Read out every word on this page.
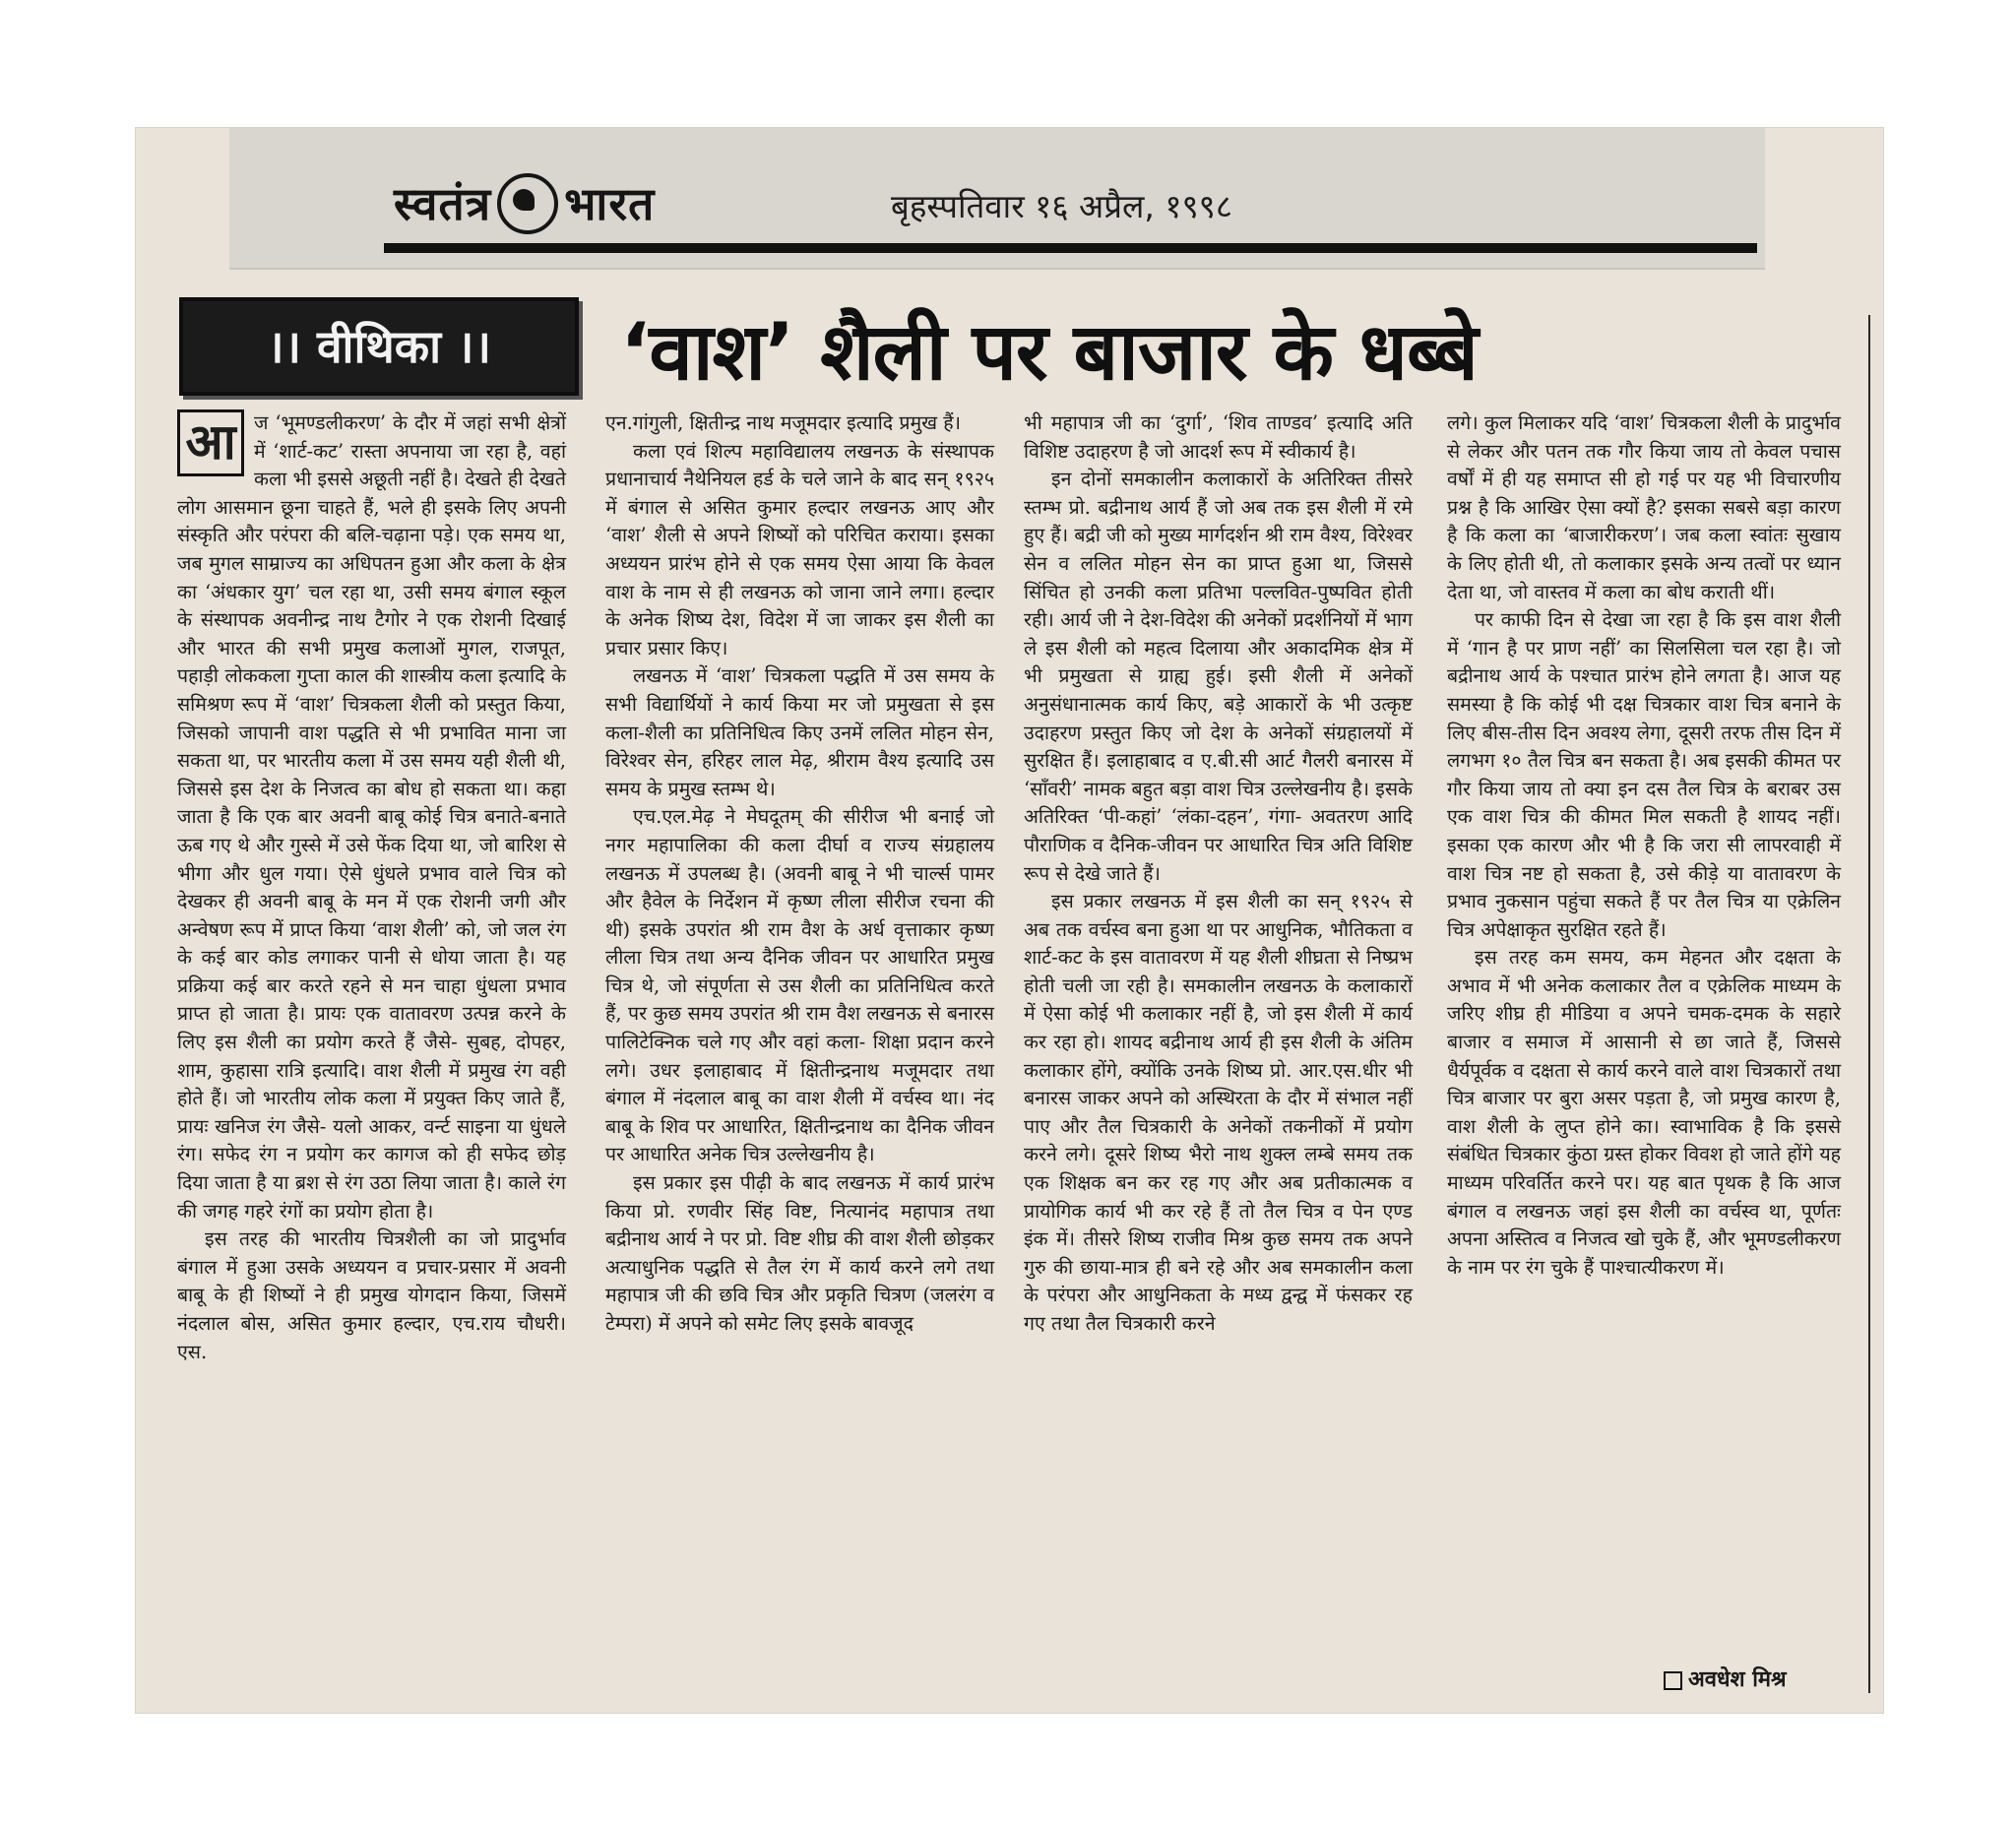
स्वतंत्र भारत	बृहस्पतिवार १६ अप्रैल, १९९८
।। वीथिका ।।	‘वाश’ शैली पर बाजार के धब्बे
आ ज ‘भूमण्डलीकरण’ के दौर में जहां सभी क्षेत्रों में ‘शार्ट-कट’ रास्ता अपनाया जा रहा है, वहां कला भी इससे अछूती नहीं है। देखते ही देखते लोग आसमान छूना चाहते हैं, भले ही इसके लिए अपनी संस्कृति और परंपरा की बलि-चढ़ाना पड़े। एक समय था, जब मुगल साम्राज्य का अधिपतन हुआ और कला के क्षेत्र का ‘अंधकार युग’ चल रहा था, उसी समय बंगाल स्कूल के संस्थापक अवनीन्द्र नाथ टैगोर ने एक रोशनी दिखाई और भारत की सभी प्रमुख कलाओं मुगल, राजपूत, पहाड़ी लोककला गुप्ता काल की शास्त्रीय कला इत्यादि के समिश्रण रूप में ‘वाश’ चित्रकला शैली को प्रस्तुत किया, जिसको जापानी वाश पद्धति से भी प्रभावित माना जा सकता था, पर भारतीय कला में उस समय यही शैली थी, जिससे इस देश के निजत्व का बोध हो सकता था। कहा जाता है कि एक बार अवनी बाबू कोई चित्र बनाते-बनाते ऊब गए थे और गुस्से में उसे फेंक दिया था, जो बारिश से भीगा और धुल गया। ऐसे धुंधले प्रभाव वाले चित्र को देखकर ही अवनी बाबू के मन में एक रोशनी जगी और अन्वेषण रूप में प्राप्त किया ‘वाश शैली’ को, जो जल रंग के कई बार कोड लगाकर पानी से धोया जाता है। यह प्रक्रिया कई बार करते रहने से मन चाहा धुंधला प्रभाव प्राप्त हो जाता है। प्रायः एक वातावरण उत्पन्न करने के लिए इस शैली का प्रयोग करते हैं जैसे- सुबह, दोपहर, शाम, कुहासा रात्रि इत्यादि। वाश शैली में प्रमुख रंग वही होते हैं। जो भारतीय लोक कला में प्रयुक्त किए जाते हैं, प्रायः खनिज रंग जैसे- यलो आकर, वर्न्ट साइना या धुंधले रंग। सफेद रंग न प्रयोग कर कागज को ही सफेद छोड़ दिया जाता है या ब्रश से रंग उठा लिया जाता है। काले रंग की जगह गहरे रंगों का प्रयोग होता है।

इस तरह की भारतीय चित्रशैली का जो प्रादुर्भाव बंगाल में हुआ उसके अध्ययन व प्रचार-प्रसार में अवनी बाबू के ही शिष्यों ने ही प्रमुख योगदान किया, जिसमें नंदलाल बोस, असित कुमार हल्दार, एच.राय चौधरी। एस.

एन.गांगुली, क्षितीन्द्र नाथ मजूमदार इत्यादि प्रमुख हैं।

कला एवं शिल्प महाविद्यालय लखनऊ के संस्थापक प्रधानाचार्य नैथेनियल हर्ड के चले जाने के बाद सन् १९२५ में बंगाल से असित कुमार हल्दार लखनऊ आए और ‘वाश’ शैली से अपने शिष्यों को परिचित कराया। इसका अध्ययन प्रारंभ होने से एक समय ऐसा आया कि केवल वाश के नाम से ही लखनऊ को जाना जाने लगा। हल्दार के अनेक शिष्य देश, विदेश में जा जाकर इस शैली का प्रचार प्रसार किए।

लखनऊ में ‘वाश’ चित्रकला पद्धति में उस समय के सभी विद्यार्थियों ने कार्य किया मर जो प्रमुखता से इस कला-शैली का प्रतिनिधित्व किए उनमें ललित मोहन सेन, विरेश्वर सेन, हरिहर लाल मेढ़, श्रीराम वैश्य इत्यादि उस समय के प्रमुख स्तम्भ थे।

एच.एल.मेढ़ ने मेघदूतम् की सीरीज भी बनाई जो नगर महापालिका की कला दीर्घा व राज्य संग्रहालय लखनऊ में उपलब्ध है। (अवनी बाबू ने भी चार्ल्स पामर और हैवेल के निर्देशन में कृष्ण लीला सीरीज रचना की थी) इसके उपरांत श्री राम वैश के अर्ध वृत्ताकार कृष्ण लीला चित्र तथा अन्य दैनिक जीवन पर आधारित प्रमुख चित्र थे, जो संपूर्णता से उस शैली का प्रतिनिधित्व करते हैं, पर कुछ समय उपरांत श्री राम वैश लखनऊ से बनारस पालिटेक्निक चले गए और वहां कला- शिक्षा प्रदान करने लगे। उधर इलाहाबाद में क्षितीन्द्रनाथ मजूमदार तथा बंगाल में नंदलाल बाबू का वाश शैली में वर्चस्व था। नंद बाबू के शिव पर आधारित, क्षितीन्द्रनाथ का दैनिक जीवन पर आधारित अनेक चित्र उल्लेखनीय है।

इस प्रकार इस पीढ़ी के बाद लखनऊ में कार्य प्रारंभ किया प्रो. रणवीर सिंह विष्ट, नित्यानंद महापात्र तथा बद्रीनाथ आर्य ने पर प्रो. विष्ट शीघ्र की वाश शैली छोड़कर अत्याधुनिक पद्धति से तैल रंग में कार्य करने लगे तथा महापात्र जी की छवि चित्र और प्रकृति चित्रण (जलरंग व टेम्परा) में अपने को समेट लिए इसके बावजूद

भी महापात्र जी का ‘दुर्गा’, ‘शिव ताण्डव’ इत्यादि अति विशिष्ट उदाहरण है जो आदर्श रूप में स्वीकार्य है।

इन दोनों समकालीन कलाकारों के अतिरिक्त तीसरे स्तम्भ प्रो. बद्रीनाथ आर्य हैं जो अब तक इस शैली में रमे हुए हैं। बद्री जी को मुख्य मार्गदर्शन श्री राम वैश्य, विरेश्वर सेन व ललित मोहन सेन का प्राप्त हुआ था, जिससे सिंचित हो उनकी कला प्रतिभा पल्लवित-पुष्पवित होती रही। आर्य जी ने देश-विदेश की अनेकों प्रदर्शनियों में भाग ले इस शैली को महत्व दिलाया और अकादमिक क्षेत्र में भी प्रमुखता से ग्राह्य हुई। इसी शैली में अनेकों अनुसंधानात्मक कार्य किए, बड़े आकारों के भी उत्कृष्ट उदाहरण प्रस्तुत किए जो देश के अनेकों संग्रहालयों में सुरक्षित हैं। इलाहाबाद व ए.बी.सी आर्ट गैलरी बनारस में ‘साँवरी’ नामक बहुत बड़ा वाश चित्र उल्लेखनीय है। इसके अतिरिक्त ‘पी-कहां’ ‘लंका-दहन’, गंगा- अवतरण आदि पौराणिक व दैनिक-जीवन पर आधारित चित्र अति विशिष्ट रूप से देखे जाते हैं।

इस प्रकार लखनऊ में इस शैली का सन् १९२५ से अब तक वर्चस्व बना हुआ था पर आधुनिक, भौतिकता व शार्ट-कट के इस वातावरण में यह शैली शीघ्रता से निष्प्रभ होती चली जा रही है। समकालीन लखनऊ के कलाकारों में ऐसा कोई भी कलाकार नहीं है, जो इस शैली में कार्य कर रहा हो। शायद बद्रीनाथ आर्य ही इस शैली के अंतिम कलाकार होंगे, क्योंकि उनके शिष्य प्रो. आर.एस.धीर भी बनारस जाकर अपने को अस्थिरता के दौर में संभाल नहीं पाए और तैल चित्रकारी के अनेकों तकनीकों में प्रयोग करने लगे। दूसरे शिष्य भैरो नाथ शुक्ल लम्बे समय तक एक शिक्षक बन कर रह गए और अब प्रतीकात्मक व प्रायोगिक कार्य भी कर रहे हैं तो तैल चित्र व पेन एण्ड इंक में। तीसरे शिष्य राजीव मिश्र कुछ समय तक अपने गुरु की छाया-मात्र ही बने रहे और अब समकालीन कला के परंपरा और आधुनिकता के मध्य द्वन्द्व में फंसकर रह गए तथा तैल चित्रकारी करने

लगे। कुल मिलाकर यदि ‘वाश’ चित्रकला शैली के प्रादुर्भाव से लेकर और पतन तक गौर किया जाय तो केवल पचास वर्षों में ही यह समाप्त सी हो गई पर यह भी विचारणीय प्रश्न है कि आखिर ऐसा क्यों है? इसका सबसे बड़ा कारण है कि कला का ‘बाजारीकरण’। जब कला स्वांतः सुखाय के लिए होती थी, तो कलाकार इसके अन्य तत्वों पर ध्यान देता था, जो वास्तव में कला का बोध कराती थीं।

पर काफी दिन से देखा जा रहा है कि इस वाश शैली में ‘गान है पर प्राण नहीं’ का सिलसिला चल रहा है। जो बद्रीनाथ आर्य के पश्चात प्रारंभ होने लगता है। आज यह समस्या है कि कोई भी दक्ष चित्रकार वाश चित्र बनाने के लिए बीस-तीस दिन अवश्य लेगा, दूसरी तरफ तीस दिन में लगभग १० तैल चित्र बन सकता है। अब इसकी कीमत पर गौर किया जाय तो क्या इन दस तैल चित्र के बराबर उस एक वाश चित्र की कीमत मिल सकती है शायद नहीं। इसका एक कारण और भी है कि जरा सी लापरवाही में वाश चित्र नष्ट हो सकता है, उसे कीड़े या वातावरण के प्रभाव नुकसान पहुंचा सकते हैं पर तैल चित्र या एक्रेलिन चित्र अपेक्षाकृत सुरक्षित रहते हैं।

इस तरह कम समय, कम मेहनत और दक्षता के अभाव में भी अनेक कलाकार तैल व एक्रेलिक माध्यम के जरिए शीघ्र ही मीडिया व अपने चमक-दमक के सहारे बाजार व समाज में आसानी से छा जाते हैं, जिससे धैर्यपूर्वक व दक्षता से कार्य करने वाले वाश चित्रकारों तथा चित्र बाजार पर बुरा असर पड़ता है, जो प्रमुख कारण है, वाश शैली के लुप्त होने का। स्वाभाविक है कि इससे संबंधित चित्रकार कुंठा ग्रस्त होकर विवश हो जाते होंगे यह माध्यम परिवर्तित करने पर। यह बात पृथक है कि आज बंगाल व लखनऊ जहां इस शैली का वर्चस्व था, पूर्णतः अपना अस्तित्व व निजत्व खो चुके हैं, और भूमण्डलीकरण के नाम पर रंग चुके हैं पाश्चात्यीकरण में।

अवधेश मिश्र
